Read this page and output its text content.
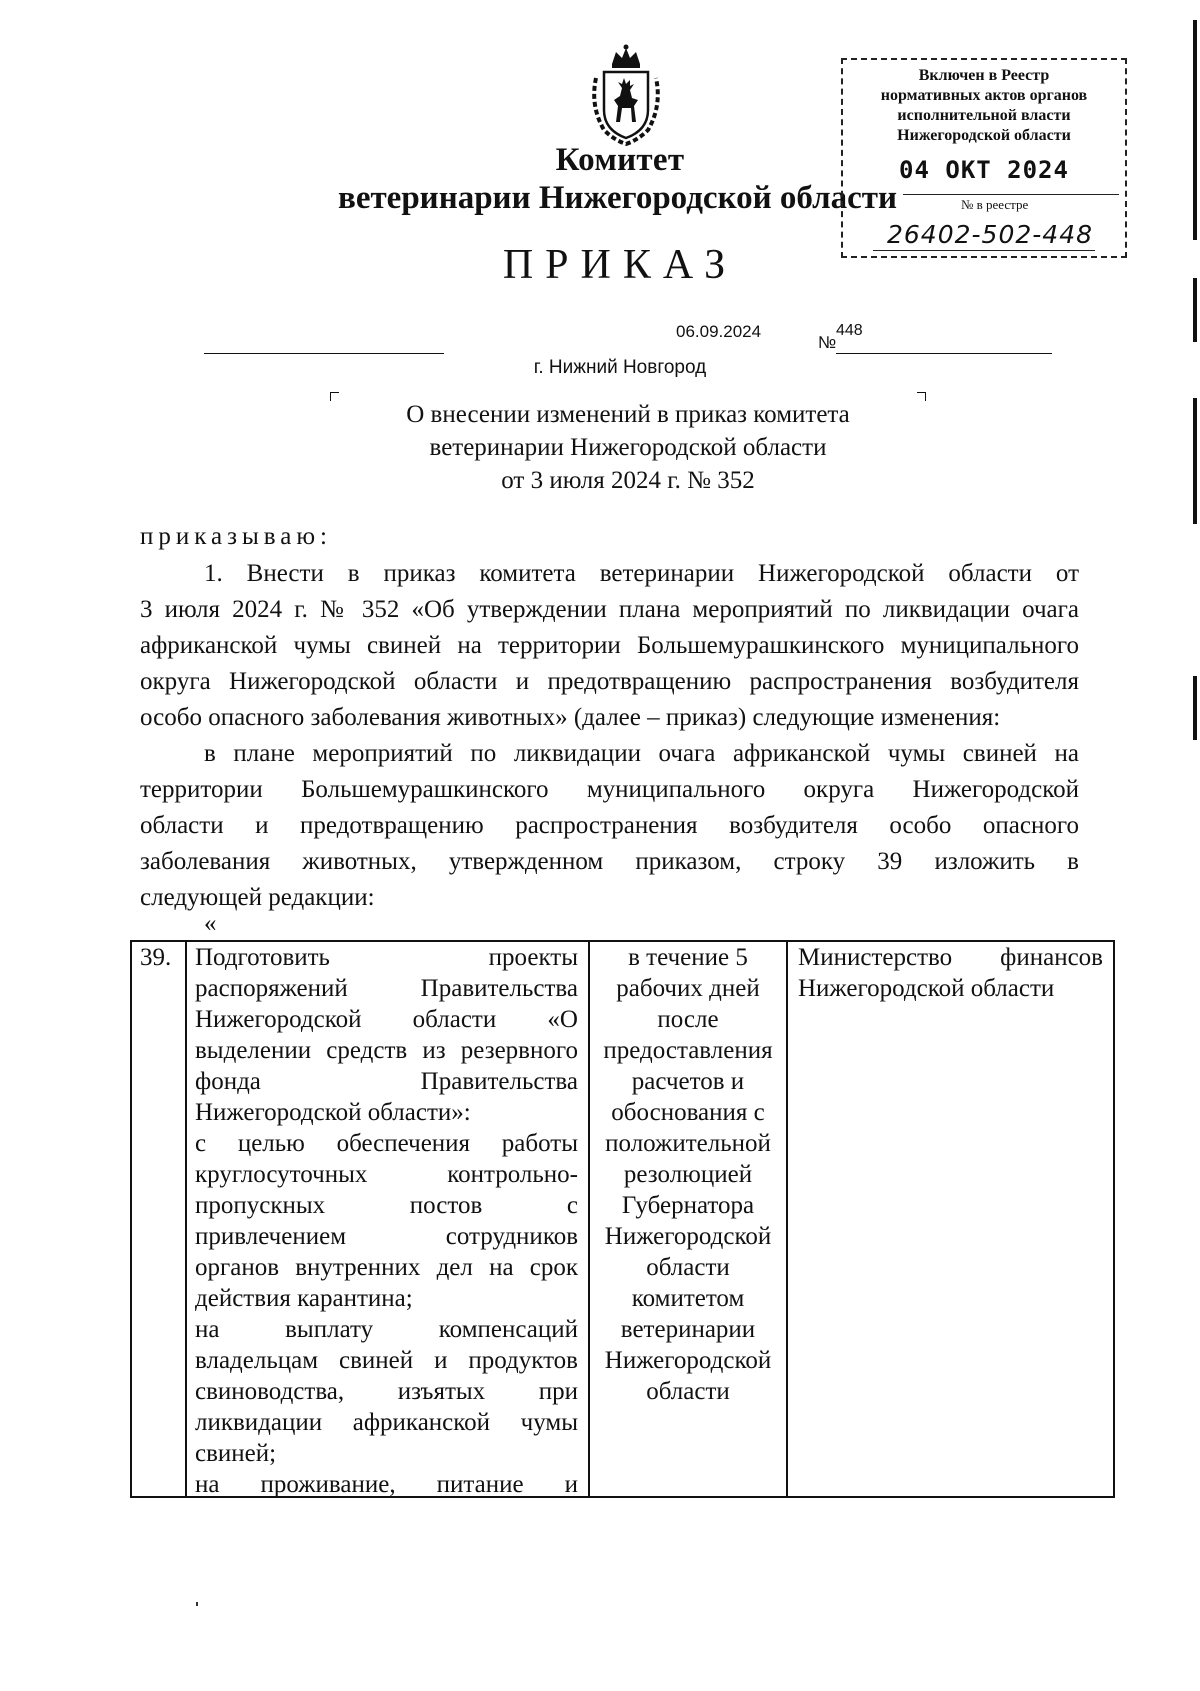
Комитет
ветеринарии Нижегородской области
ПРИКАЗ
Включен в Реестр
нормативных актов органов
исполнительной власти
Нижегородской области
04 ОКТ 2024
№ в реестре
26402-502-448
06.09.2024
№
448
г. Нижний Новгород
О внесении изменений в приказ комитета
ветеринарии Нижегородской области
от 3 июля 2024 г. № 352
приказываю:
1. Внести в приказ комитета ветеринарии Нижегородской области от
3 июля 2024 г. № 352 «Об утверждении плана мероприятий по ликвидации очага
африканской чумы свиней на территории Большемурашкинского муниципального
округа Нижегородской области и предотвращению распространения возбудителя
особо опасного заболевания животных» (далее – приказ) следующие изменения:
в плане мероприятий по ликвидации очага африканской чумы свиней на
территории Большемурашкинского муниципального округа Нижегородской
области и предотвращению распространения возбудителя особо опасного
заболевания животных, утвержденном приказом, строку 39 изложить в
следующей редакции:
«
39. Подготовить проекты
распоряжений Правительства
Нижегородской области «О
выделении средств из резервного
фонда Правительства
Нижегородской области»:
с целью обеспечения работы
круглосуточных контрольно-
пропускных постов с
привлечением сотрудников
органов внутренних дел на срок
действия карантина;
на выплату компенсаций
владельцам свиней и продуктов
свиноводства, изъятых при
ликвидации африканской чумы
свиней;
на проживание, питание и
в течение 5
рабочих дней
после
предоставления
расчетов и
обоснования с
положительной
резолюцией
Губернатора
Нижегородской
области
комитетом
ветеринарии
Нижегородской
области
Министерство финансов
Нижегородской области
